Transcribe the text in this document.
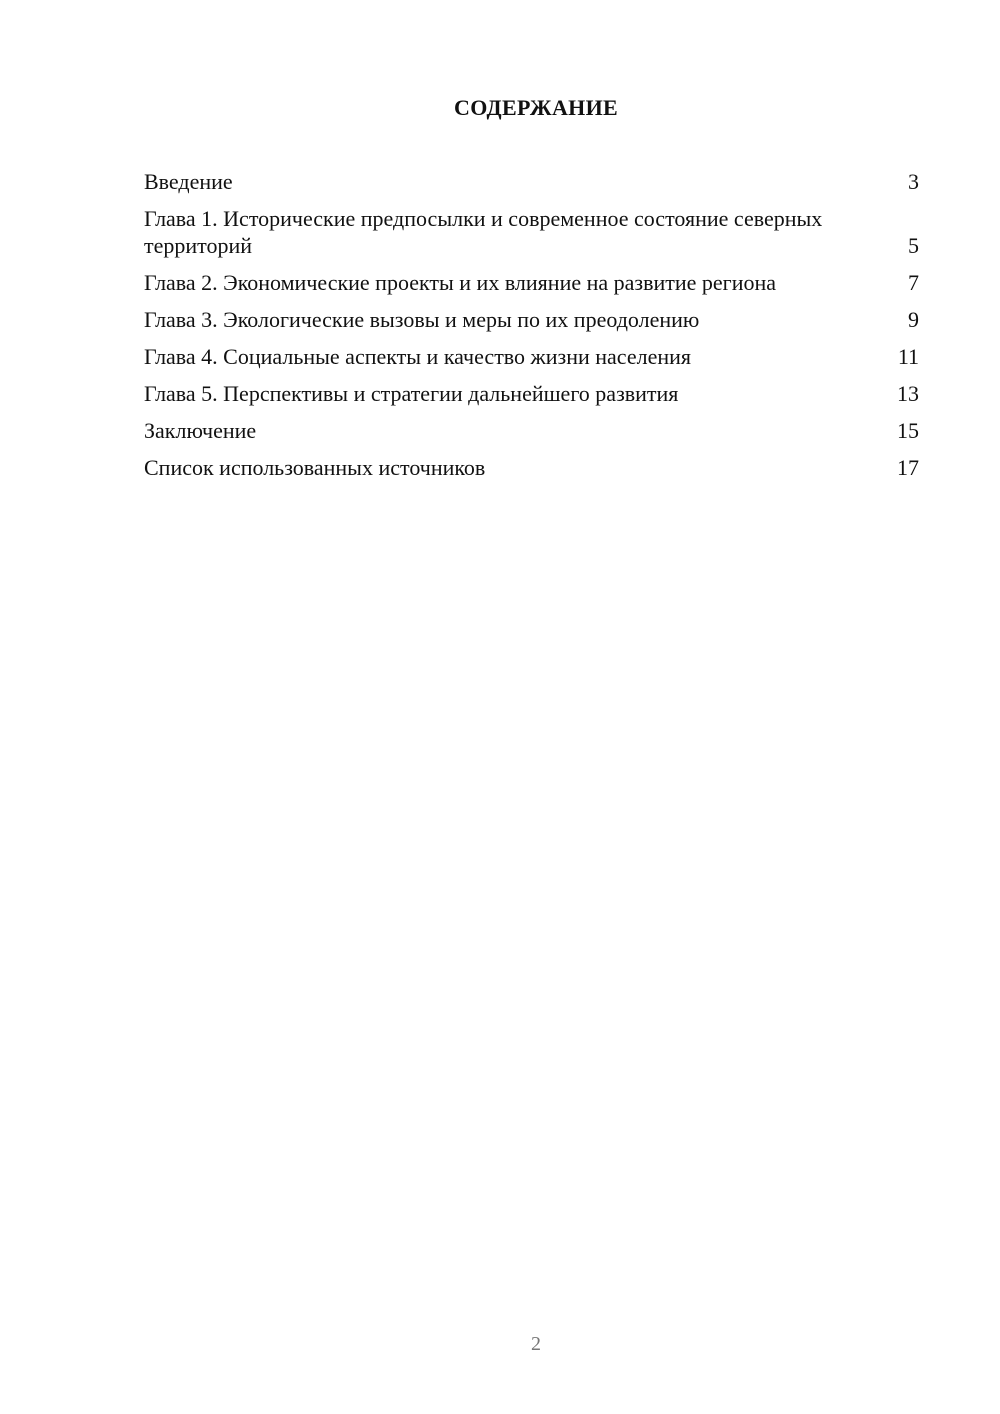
СОДЕРЖАНИЕ
Введение	3
Глава 1. Исторические предпосылки и современное состояние северных территорий	5
Глава 2. Экономические проекты и их влияние на развитие региона	7
Глава 3. Экологические вызовы и меры по их преодолению	9
Глава 4. Социальные аспекты и качество жизни населения	11
Глава 5. Перспективы и стратегии дальнейшего развития	13
Заключение	15
Список использованных источников	17
2
